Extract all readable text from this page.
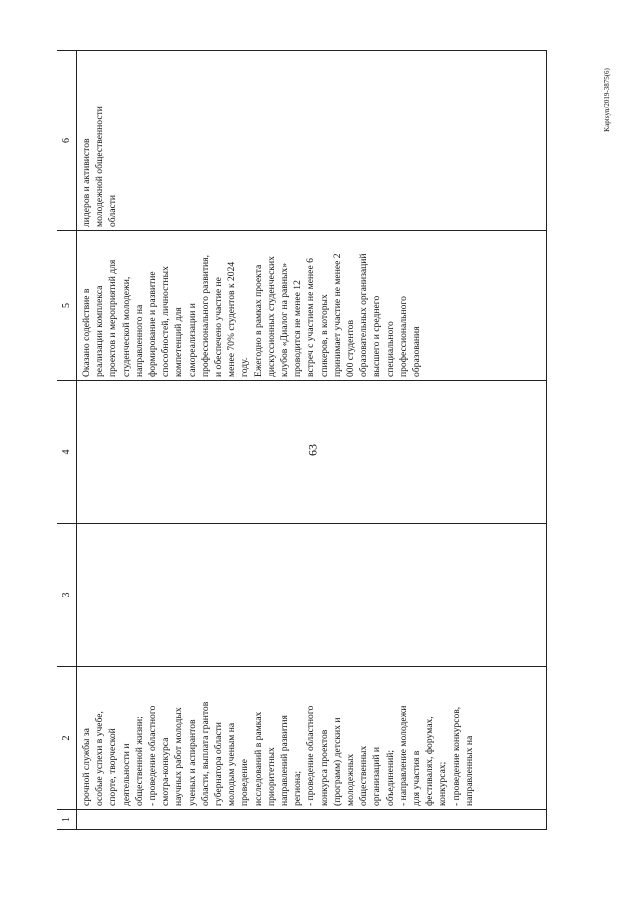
63
Kaptsyn/2019-3875(6)
1
2
срочной службы за
особые успехи в учебе,
спорте, творческой
деятельности и
общественной жизни;
- проведение областного
смотра-конкурса
научных работ молодых
ученых и аспирантов
области, выплата грантов
губернатора области
молодым ученым на
проведение
исследований в рамках
приоритетных
направлений развития
региона;
- проведение областного
конкурса проектов
(программ) детских и
молодежных
общественных
организаций и
объединений;
- направление молодежи
для участия в
фестивалях, форумах,
конкурсах;
- проведение конкурсов,
направленных на
3
4
5
Оказано содействие в
реализации комплекса
проектов и мероприятий для
студенческой молодежи,
направленного на
формирование и развитие
способностей, личностных
компетенций для
самореализации и
профессионального развития,
и обеспечено участие не
менее 70% студентов к 2024
году.
Ежегодно в рамках проекта
дискуссионных студенческих
клубов «Диалог на равных»
проводится не менее 12
встреч с участием не менее 6
спикеров, в которых
принимает участие не менее 2
000 студентов
образовательных организаций
высшего и среднего
специального
профессионального
образования
6
лидеров и активистов
молодежной общественности
области
